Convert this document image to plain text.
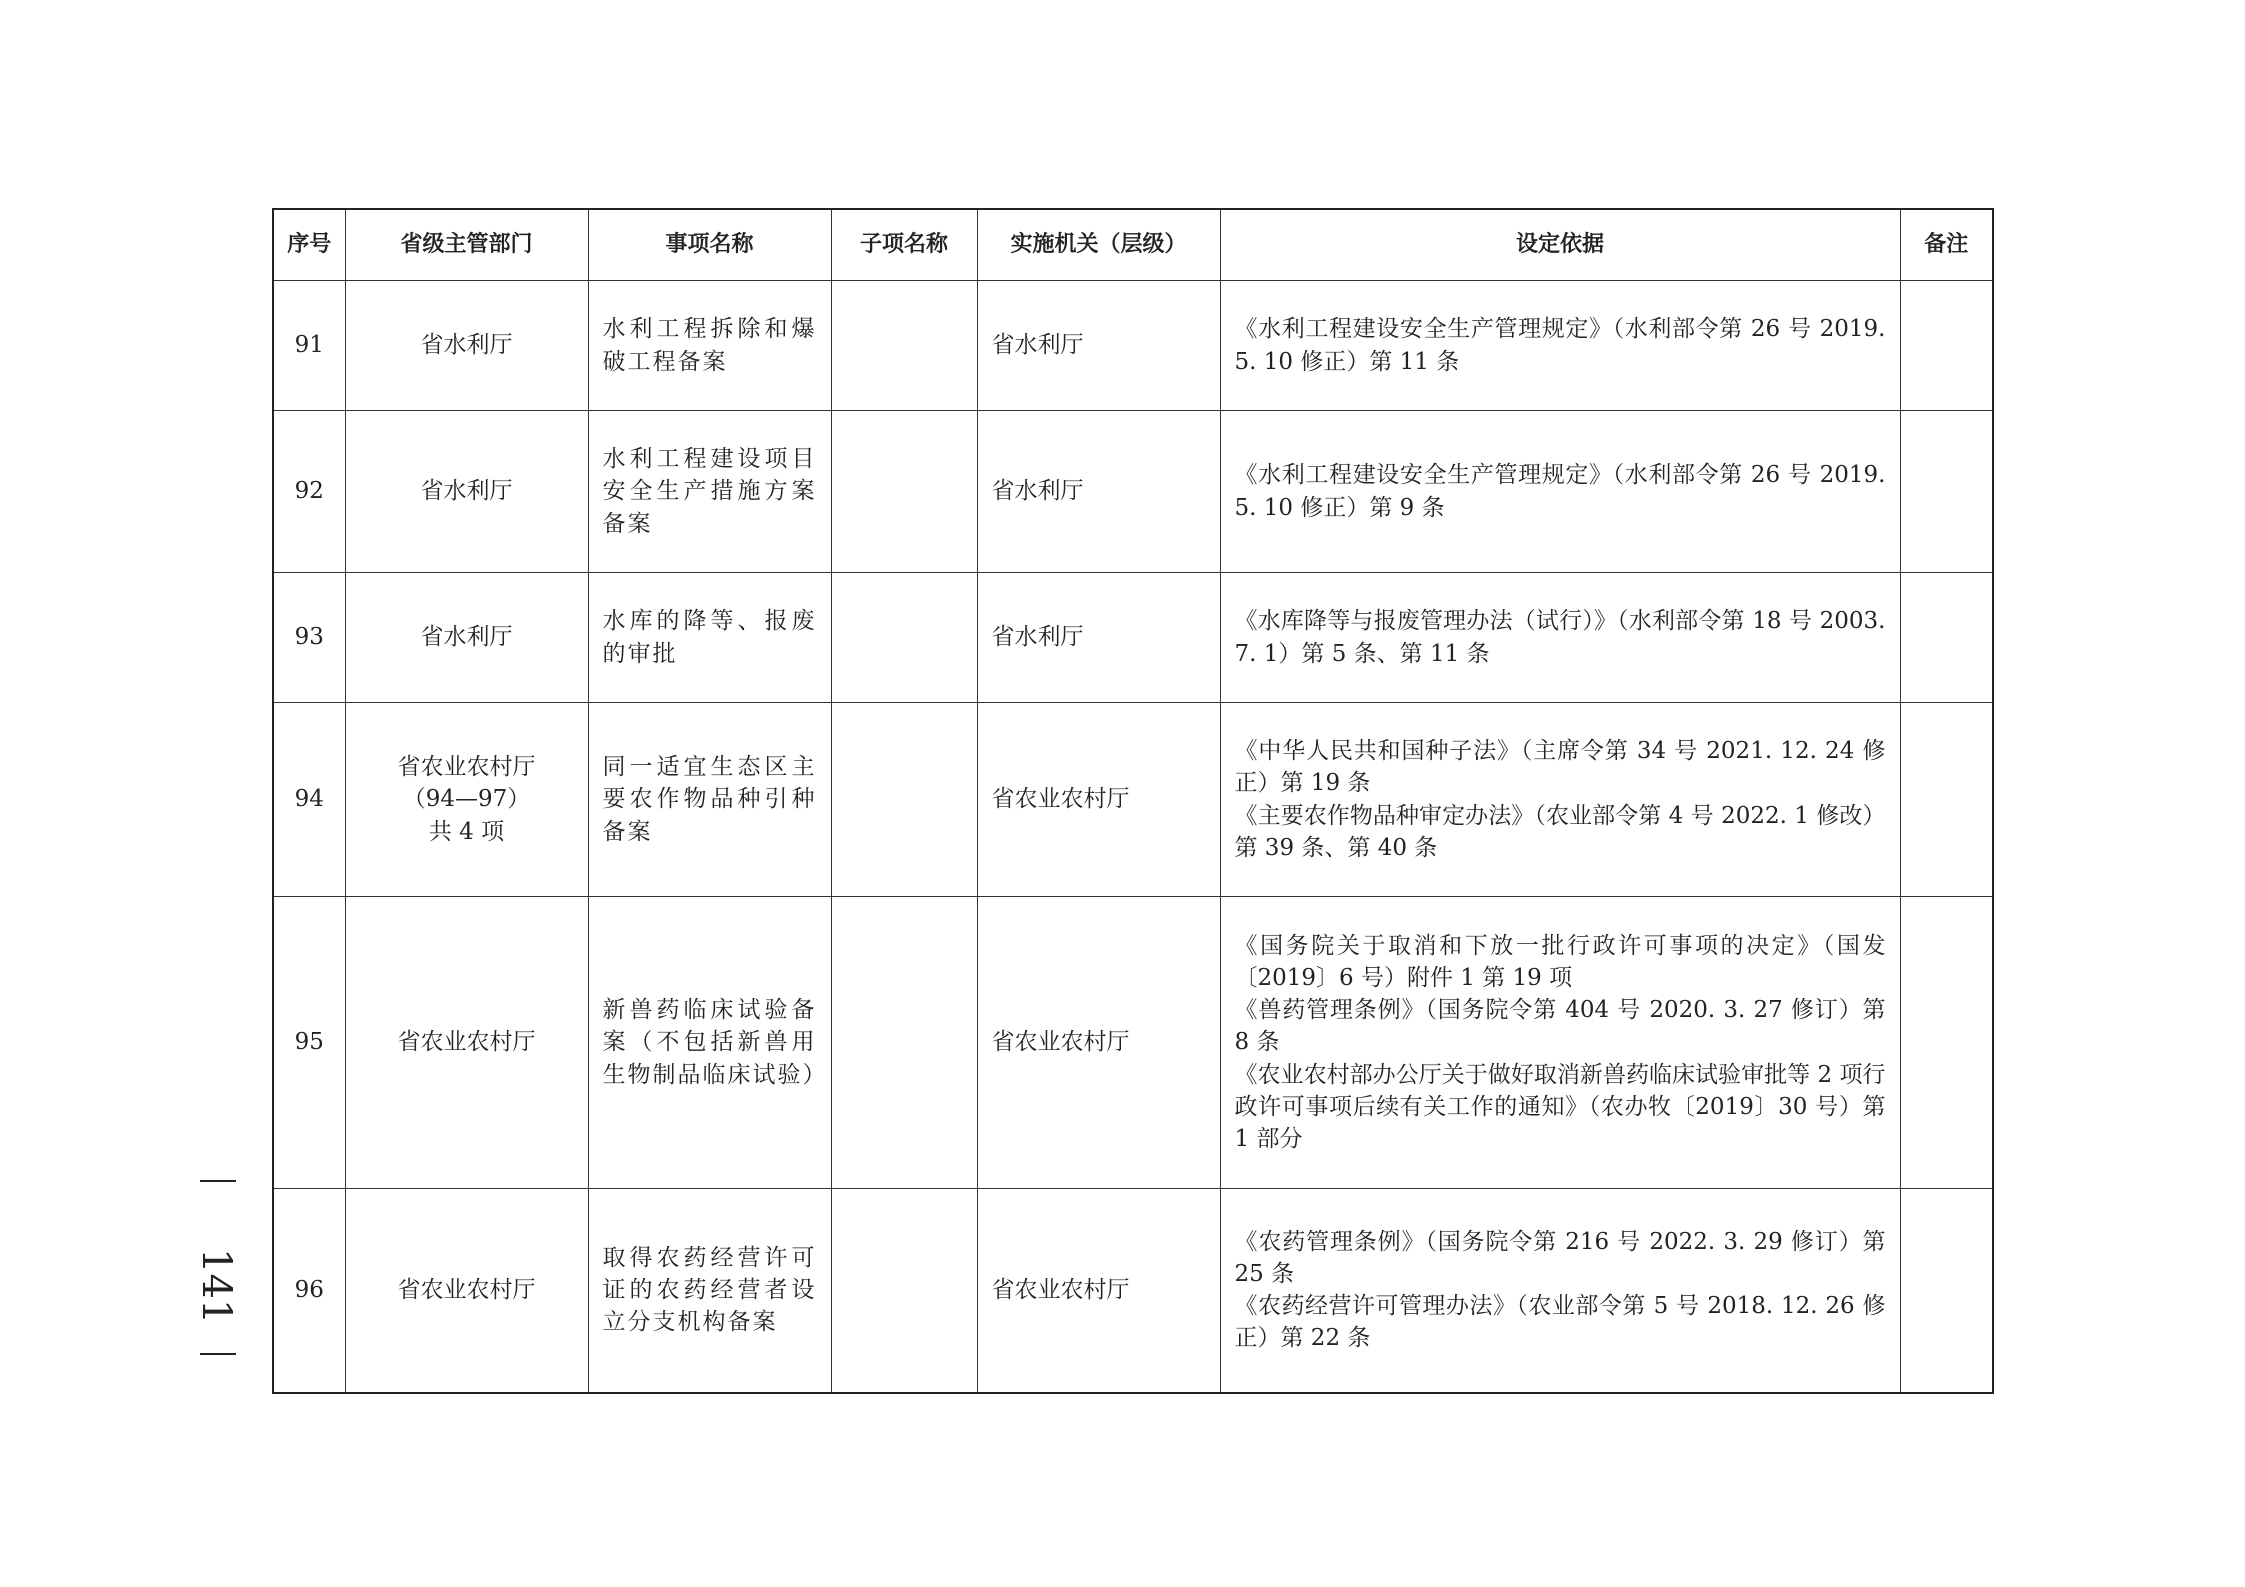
序号	省级主管部门	事项名称	子项名称	实施机关（层级）	设定依据	备注
91	省水利厅	水利工程拆除和爆破工程备案		省水利厅	《水利工程建设安全生产管理规定》（水利部令第 26 号 2019. 5. 10 修正）第 11 条	

92	省水利厅	水利工程建设项目安全生产措施方案备案		省水利厅	《水利工程建设安全生产管理规定》（水利部令第 26 号 2019. 5. 10 修正）第 9 条	

93	省水利厅	水库的降等、报废的审批		省水利厅	《水库降等与报废管理办法（试行）》（水利部令第 18 号 2003. 7. 1）第 5 条、第 11 条	

94	省农业农村厅
（94—97）
共 4 项	同一适宜生态区主要农作物品种引种备案		省农业农村厅	《中华人民共和国种子法》（主席令第 34 号 2021. 12. 24 修正）第 19 条
《主要农作物品种审定办法》（农业部令第 4 号 2022. 1 修改）第 39 条、第 40 条	

95	省农业农村厅	新兽药临床试验备案（不包括新兽用生物制品临床试验）		省农业农村厅	《国务院关于取消和下放一批行政许可事项的决定》（国发〔2019〕6 号）附件 1 第 19 项
《兽药管理条例》（国务院令第 404 号 2020. 3. 27 修订）第 8 条
《农业农村部办公厅关于做好取消新兽药临床试验审批等 2 项行政许可事项后续有关工作的通知》（农办牧〔2019〕30 号）第 1 部分	

96	省农业农村厅	取得农药经营许可证的农药经营者设立分支机构备案		省农业农村厅	《农药管理条例》（国务院令第 216 号 2022. 3. 29 修订）第 25 条
《农药经营许可管理办法》（农业部令第 5 号 2018. 12. 26 修正）第 22 条	

141
